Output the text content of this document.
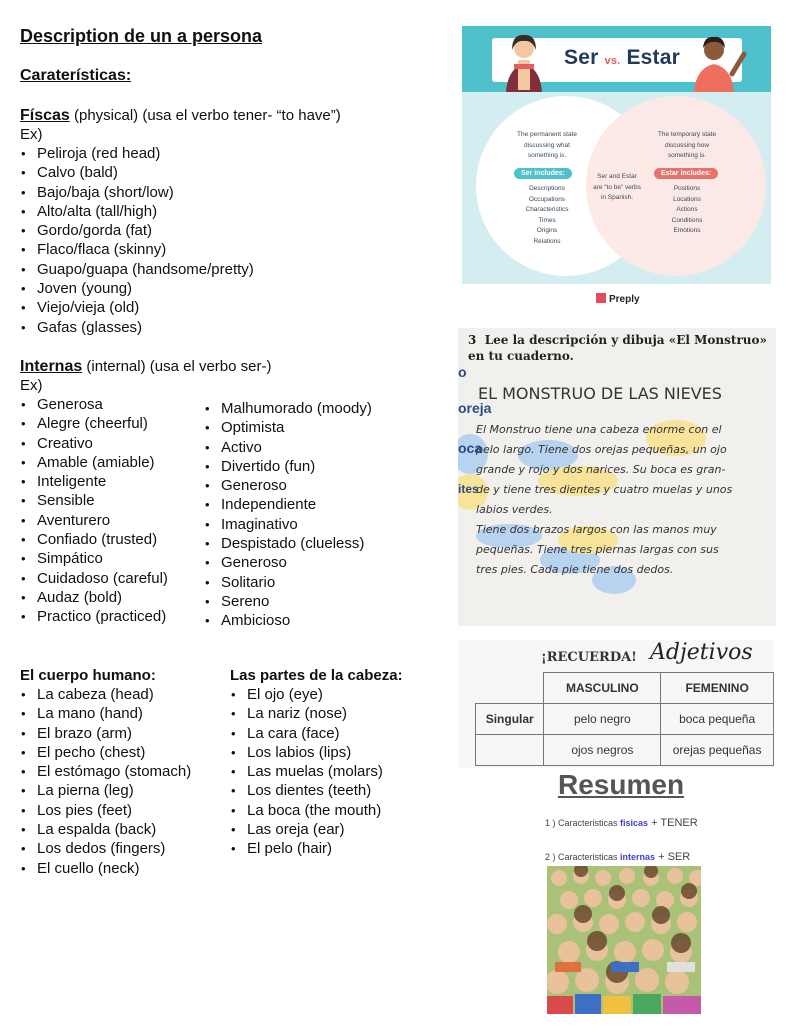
Description de un a persona
Caraterísticas:
Físcas (physical) (usa el verbo tener- “to have”)
Ex)
• Peliroja (red head)
• Calvo (bald)
• Bajo/baja (short/low)
• Alto/alta (tall/high)
• Gordo/gorda (fat)
• Flaco/flaca (skinny)
• Guapo/guapa (handsome/pretty)
• Joven (young)
• Viejo/vieja (old)
• Gafas (glasses)
Internas (internal) (usa el verbo ser-)
Ex)
• Generosa
• Alegre (cheerful)
• Creativo
• Amable (amiable)
• Inteligente
• Sensible
• Aventurero
• Confiado (trusted)
• Simpático
• Cuidadoso (careful)
• Audaz (bold)
• Practico (practiced)
• Malhumorado (moody)
• Optimista
• Activo
• Divertido (fun)
• Generoso
• Independiente
• Imaginativo
• Despistado (clueless)
• Generoso
• Solitario
• Sereno
• Ambicioso
El cuerpo humano:
• La cabeza (head)
• La mano (hand)
• El brazo (arm)
• El pecho (chest)
• El estómago (stomach)
• La pierna (leg)
• Los pies (feet)
• La espalda (back)
• Los dedos (fingers)
• El cuello (neck)
Las partes de la cabeza:
• El ojo (eye)
• La nariz (nose)
• La cara (face)
• Los labios (lips)
• Las muelas (molars)
• Los dientes (teeth)
• La boca (the mouth)
• Las oreja (ear)
• El pelo (hair)
Ser vs. Estar
The permanent state
discussing what
something is.
Ser includes:
Descriptions
Occupations
Characteristics
Times
Origins
Relations
Ser and Estar
are “to be” verbs
in Spanish.
The temporary state
discussing how
something is.
Estar includes:
Positions
Locations
Actions
Conditions
Emotions
Preply
3 Lee la descripción y dibuja «El Monstruo»
en tu cuaderno.
EL MONSTRUO DE LAS NIEVES
o
oreja
oca
ites
El Monstruo tiene una cabeza enorme con el
pelo largo. Tiene dos orejas pequeñas, un ojo
grande y rojo y dos narices. Su boca es gran-
de y tiene tres dientes y cuatro muelas y unos
labios verdes.
Tiene dos brazos largos con las manos muy
pequeñas. Tiene tres piernas largas con sus
tres pies. Cada pie tiene dos dedos.
¡RECUERDA! Adjetivos
	MASCULINO	FEMENINO
Singular	pelo negro	boca pequeña
	ojos negros	orejas pequeñas
Resumen
1 ) Caracteristicas fisicas + TENER
2 ) Caracteristicas internas + SER
